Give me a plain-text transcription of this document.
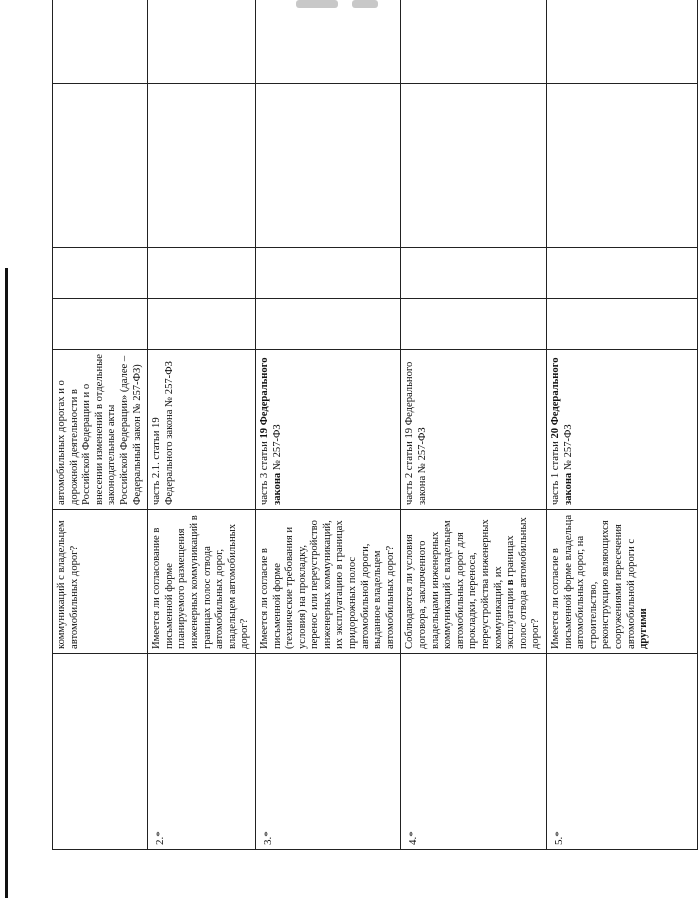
	коммуникаций с владельцем автомобильных дорог?	автомобильных дорогах и о дорожной деятельности в Российской Федерации и о внесении изменений в отдельные законодательные акты Российской Федерации» (далее – Федеральный закон № 257-ФЗ)				
2.*	Имеется ли согласование в письменной форме планируемого размещения инженерных коммуникаций в границах полос отвода автомобильных дорог, владельцем автомобильных дорог?	часть 2.1. статьи 19 Федерального закона № 257-ФЗ				
3.*	Имеется ли согласие в письменной форме (технические требования и условия) на прокладку, перенос или переустройство инженерных коммуникаций, их эксплуатацию в границах придорожных полос автомобильной дороги, выданное владельцем автомобильных дорог?	часть 3 статьи 19 Федерального закона № 257-ФЗ				
4.*	Соблюдаются ли условия договора, заключенного владельцами инженерных коммуникаций с владельцем автомобильных дорог для прокладки, переноса, переустройства инженерных коммуникаций, их эксплуатации в границах полос отвода автомобильных дорог?	часть 2 статьи 19 Федерального закона № 257-ФЗ				
5.*	Имеется ли согласие в письменной форме владельца автомобильных дорог, на строительство, реконструкцию являющихся сооружениями пересечения автомобильной дороги с другими	часть 1 статьи 20 Федерального закона № 257-ФЗ				
